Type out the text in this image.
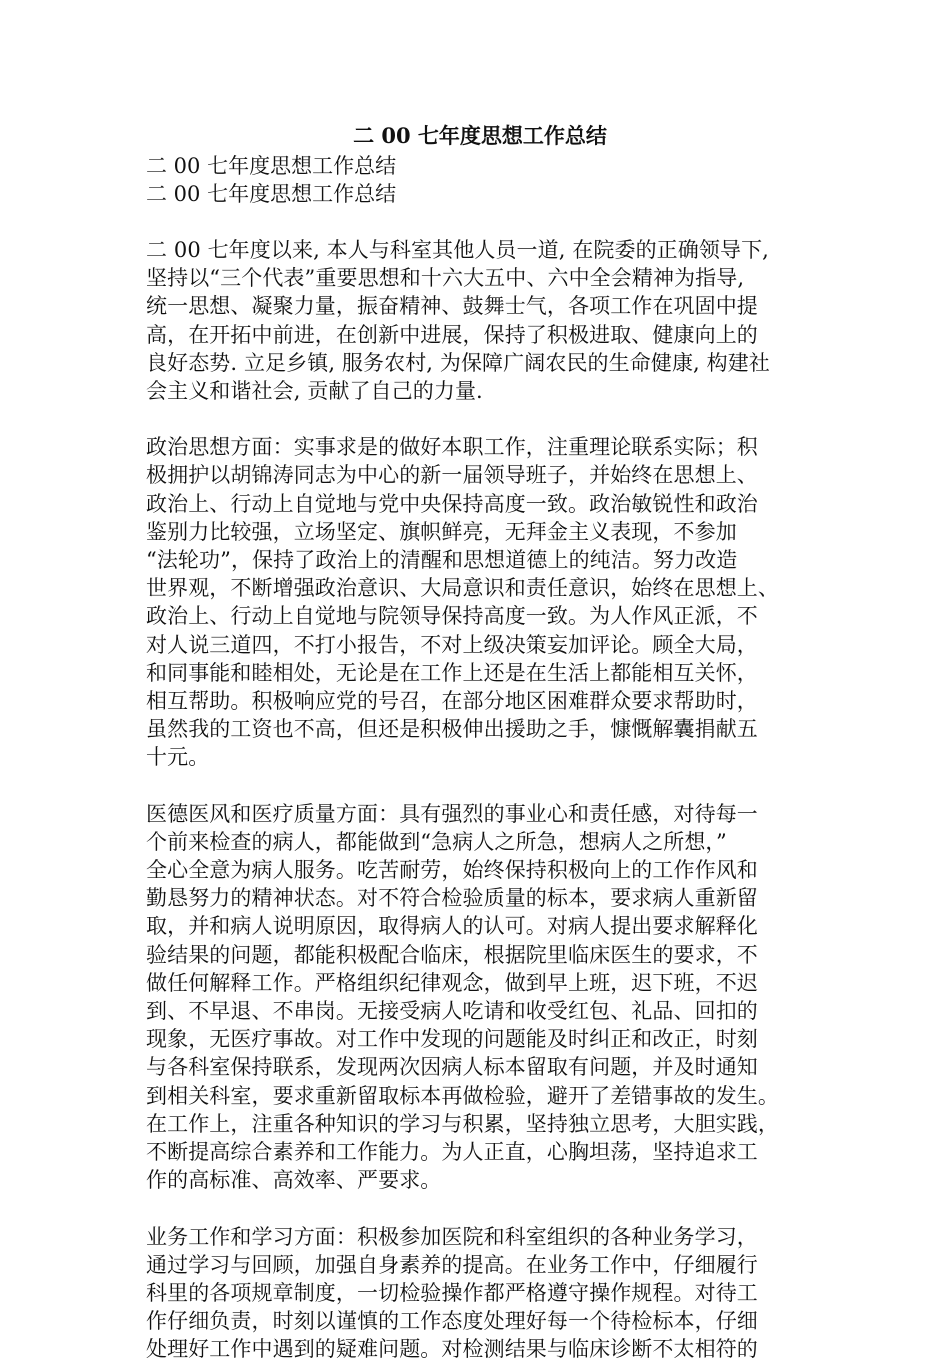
二 00 七年度思想工作总结
二 00 七年度思想工作总结
二 00 七年度思想工作总结
二 00 七年度以来, 本人与科室其他人员一道, 在院委的正确领导下,
坚持以“三个代表”重要思想和十六大五中、六中全会精神为指导,
统一思想、凝聚力量，振奋精神、鼓舞士气，各项工作在巩固中提
高，在开拓中前进，在创新中进展，保持了积极进取、健康向上的
良好态势. 立足乡镇, 服务农村, 为保障广阔农民的生命健康, 构建社
会主义和谐社会, 贡献了自己的力量.
政治思想方面：实事求是的做好本职工作，注重理论联系实际；积
极拥护以胡锦涛同志为中心的新一届领导班子，并始终在思想上、
政治上、行动上自觉地与党中央保持高度一致。政治敏锐性和政治
鉴别力比较强，立场坚定、旗帜鲜亮，无拜金主义表现，不参加
“法轮功”，保持了政治上的清醒和思想道德上的纯洁。努力改造
世界观，不断增强政治意识、大局意识和责任意识，始终在思想上、
政治上、行动上自觉地与院领导保持高度一致。为人作风正派，不
对人说三道四，不打小报告，不对上级决策妄加评论。顾全大局，
和同事能和睦相处，无论是在工作上还是在生活上都能相互关怀，
相互帮助。积极响应党的号召，在部分地区困难群众要求帮助时，
虽然我的工资也不高，但还是积极伸出援助之手，慷慨解囊捐献五
十元。
医德医风和医疗质量方面：具有强烈的事业心和责任感，对待每一
个前来检查的病人，都能做到“急病人之所急，想病人之所想，”
全心全意为病人服务。吃苦耐劳，始终保持积极向上的工作作风和
勤恳努力的精神状态。对不符合检验质量的标本，要求病人重新留
取，并和病人说明原因，取得病人的认可。对病人提出要求解释化
验结果的问题，都能积极配合临床，根据院里临床医生的要求，不
做任何解释工作。严格组织纪律观念，做到早上班，迟下班，不迟
到、不早退、不串岗。无接受病人吃请和收受红包、礼品、回扣的
现象，无医疗事故。对工作中发现的问题能及时纠正和改正，时刻
与各科室保持联系，发现两次因病人标本留取有问题，并及时通知
到相关科室，要求重新留取标本再做检验，避开了差错事故的发生。
在工作上，注重各种知识的学习与积累，坚持独立思考，大胆实践，
不断提高综合素养和工作能力。为人正直，心胸坦荡，坚持追求工
作的高标准、高效率、严要求。
业务工作和学习方面：积极参加医院和科室组织的各种业务学习，
通过学习与回顾，加强自身素养的提高。在业务工作中，仔细履行
科里的各项规章制度，一切检验操作都严格遵守操作规程。对待工
作仔细负责，时刻以谨慎的工作态度处理好每一个待检标本，仔细
处理好工作中遇到的疑难问题。对检测结果与临床诊断不太相符的
